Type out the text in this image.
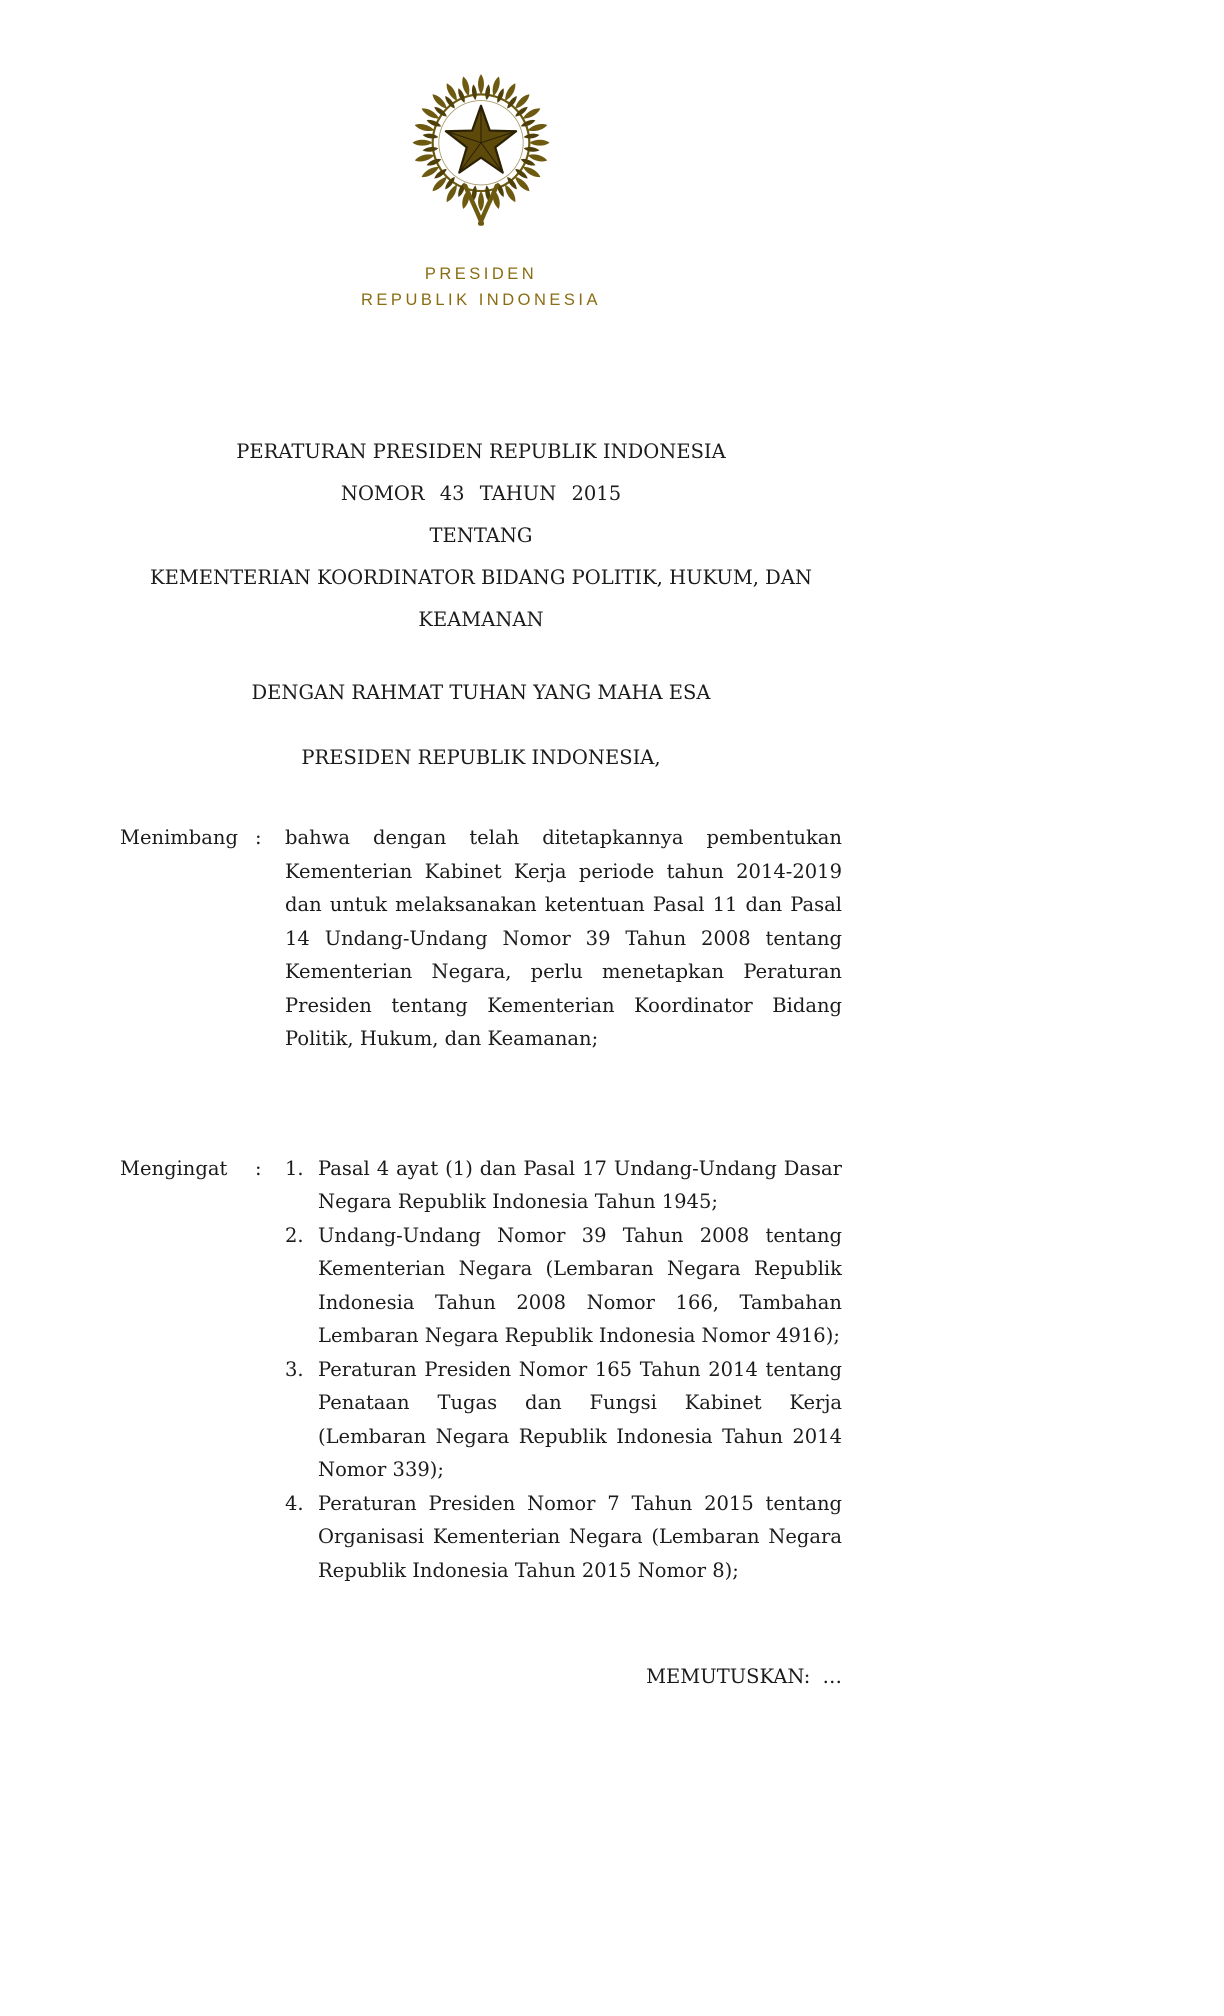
PRESIDEN
REPUBLIK INDONESIA
PERATURAN PRESIDEN REPUBLIK INDONESIA
NOMOR 43 TAHUN 2015
TENTANG
KEMENTERIAN KOORDINATOR BIDANG POLITIK, HUKUM, DAN KEAMANAN
DENGAN RAHMAT TUHAN YANG MAHA ESA
PRESIDEN REPUBLIK INDONESIA,
Menimbang :	bahwa dengan telah ditetapkannya pembentukan Kementerian Kabinet Kerja periode tahun 2014-2019 dan untuk melaksanakan ketentuan Pasal 11 dan Pasal 14 Undang-Undang Nomor 39 Tahun 2008 tentang Kementerian Negara, perlu menetapkan Peraturan Presiden tentang Kementerian Koordinator Bidang Politik, Hukum, dan Keamanan;
Mengingat	:	1. Pasal 4 ayat (1) dan Pasal 17 Undang-Undang Dasar Negara Republik Indonesia Tahun 1945;
2. Undang-Undang Nomor 39 Tahun 2008 tentang Kementerian Negara (Lembaran Negara Republik Indonesia Tahun 2008 Nomor 166, Tambahan Lembaran Negara Republik Indonesia Nomor 4916);
3. Peraturan Presiden Nomor 165 Tahun 2014 tentang Penataan Tugas dan Fungsi Kabinet Kerja (Lembaran Negara Republik Indonesia Tahun 2014 Nomor 339);
4. Peraturan Presiden Nomor 7 Tahun 2015 tentang Organisasi Kementerian Negara (Lembaran Negara Republik Indonesia Tahun 2015 Nomor 8);
MEMUTUSKAN: …
